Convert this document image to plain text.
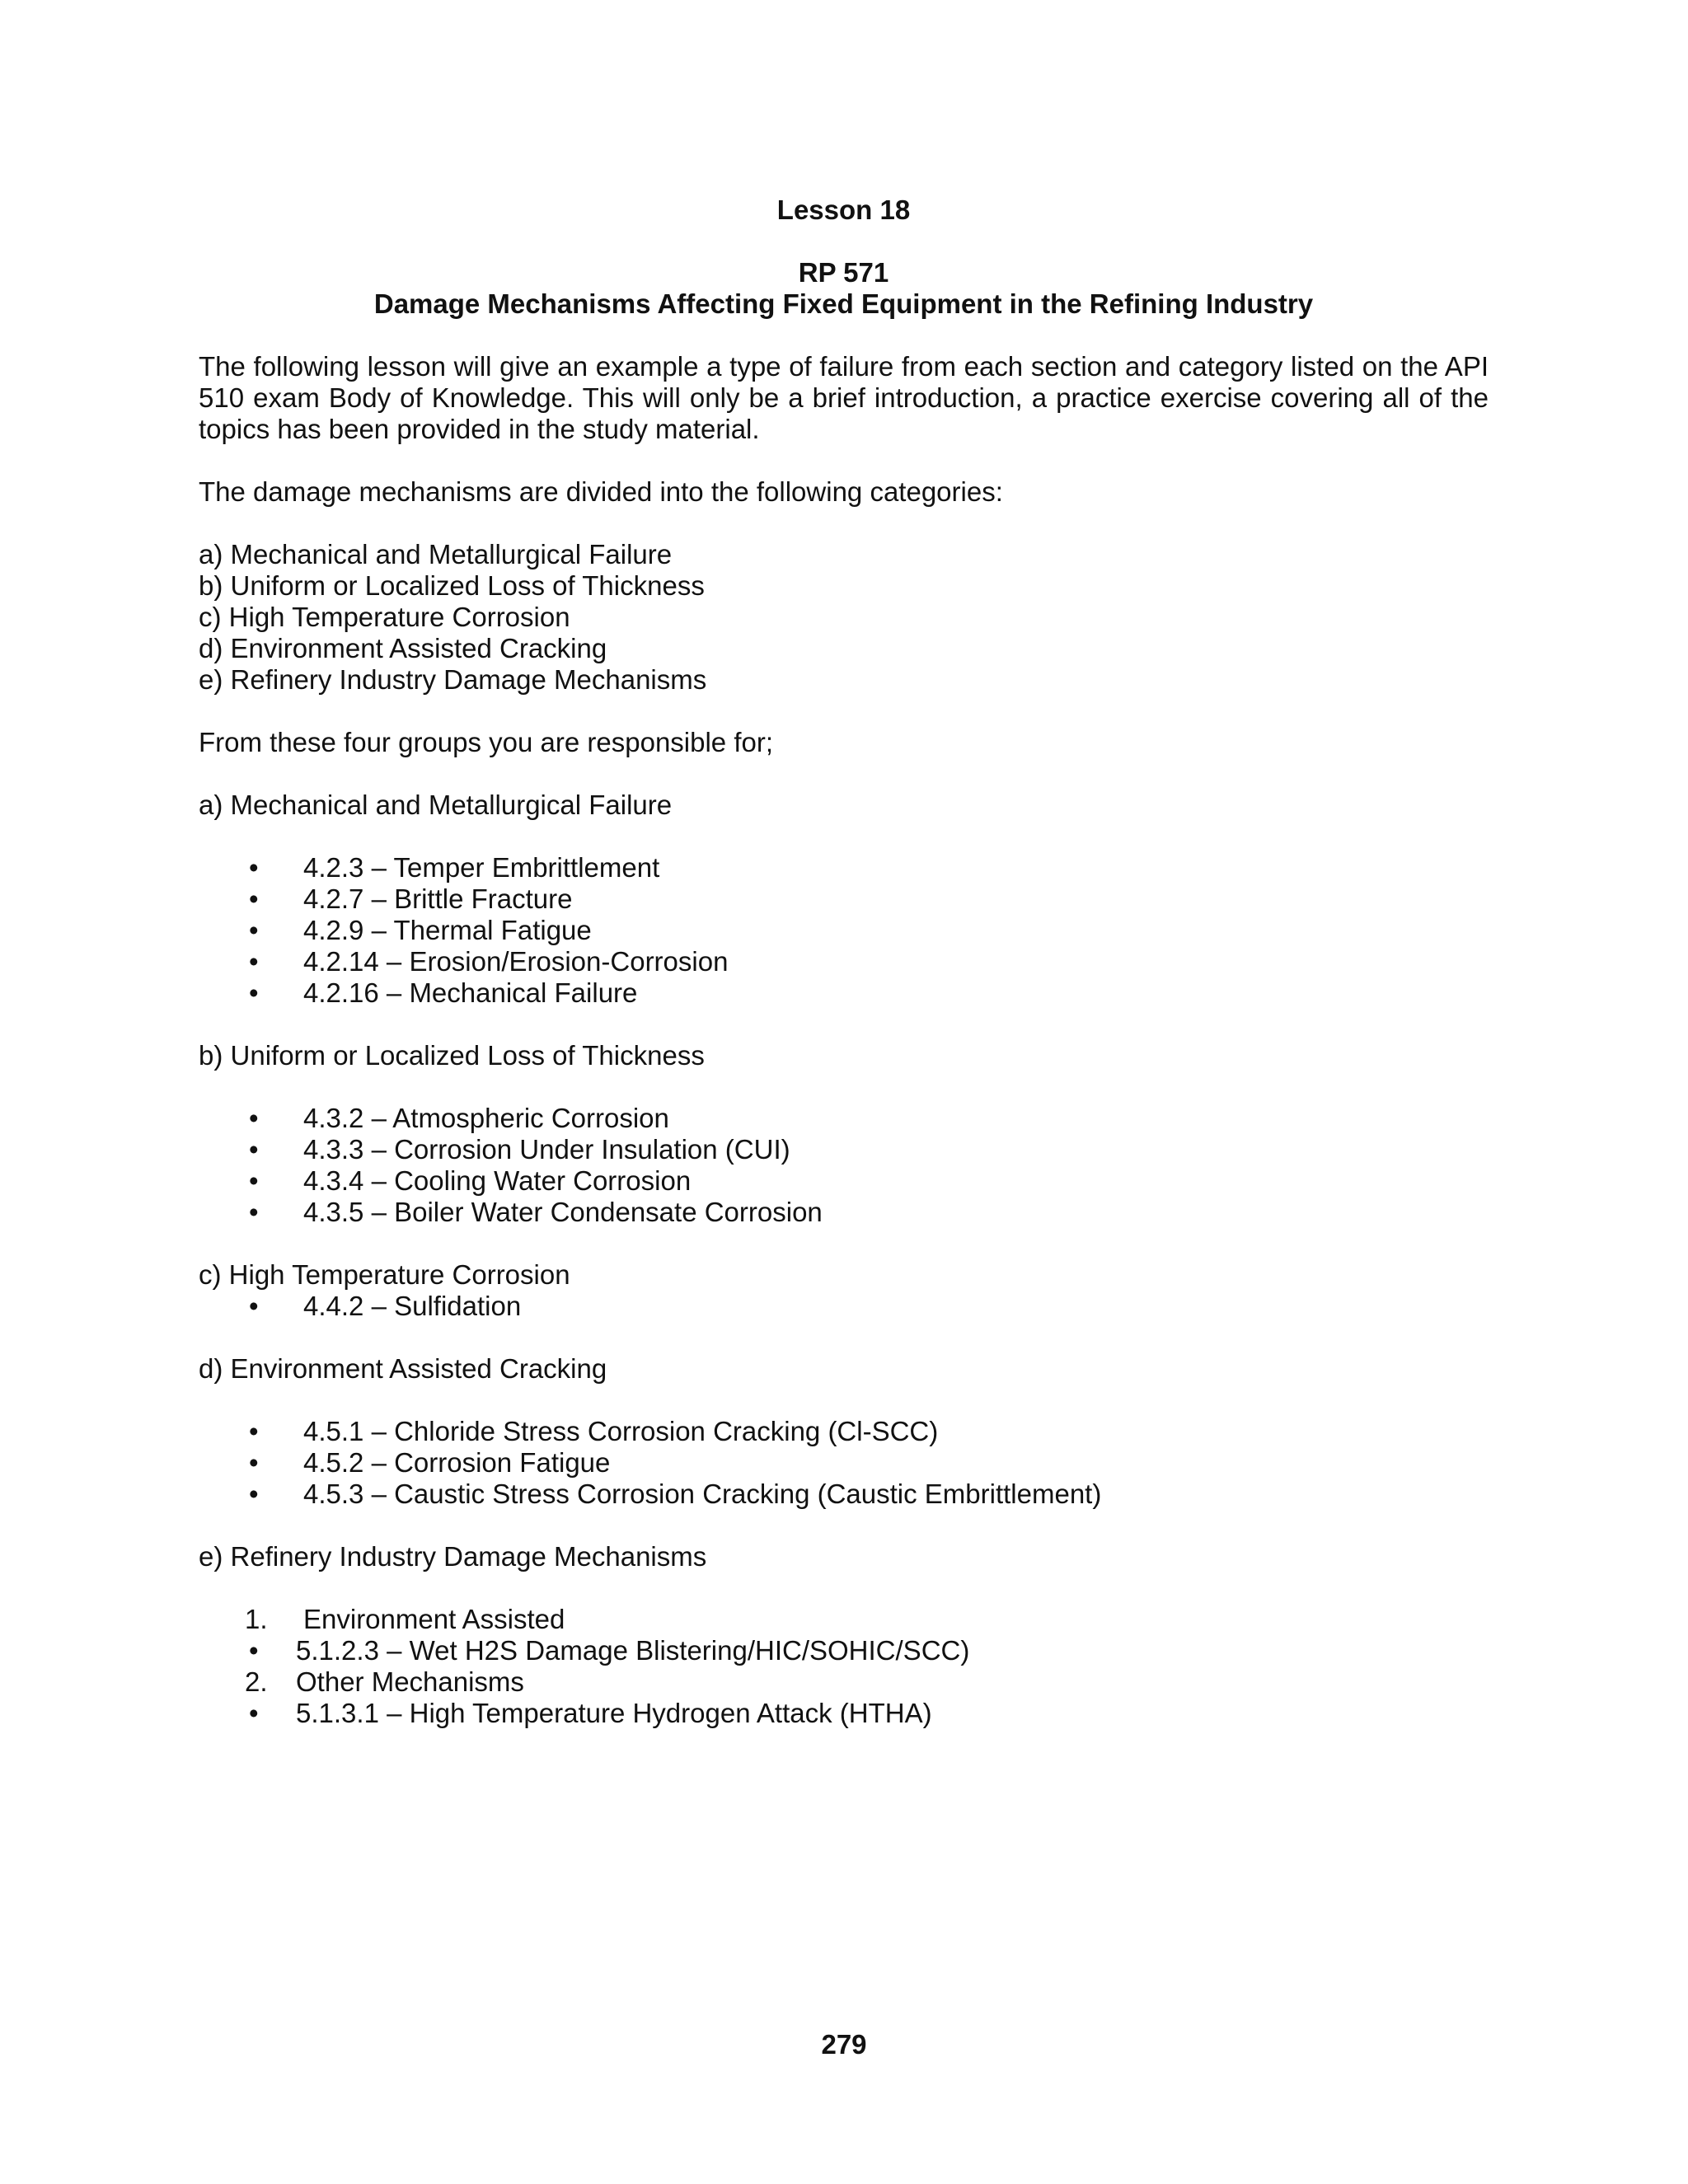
Lesson 18

RP 571

Damage Mechanisms Affecting Fixed Equipment in the Refining Industry

The following lesson will give an example a type of failure from each section and category listed on the API 510 exam Body of Knowledge. This will only be a brief introduction, a practice exercise covering all of the topics has been provided in the study material.

The damage mechanisms are divided into the following categories:

a) Mechanical and Metallurgical Failure
b) Uniform or Localized Loss of Thickness
c) High Temperature Corrosion
d) Environment Assisted Cracking
e) Refinery Industry Damage Mechanisms

From these four groups you are responsible for;

a) Mechanical and Metallurgical Failure

• 4.2.3 – Temper Embrittlement
• 4.2.7 – Brittle Fracture
• 4.2.9 – Thermal Fatigue
• 4.2.14 – Erosion/Erosion-Corrosion
• 4.2.16 – Mechanical Failure

b) Uniform or Localized Loss of Thickness

• 4.3.2 – Atmospheric Corrosion
• 4.3.3 – Corrosion Under Insulation (CUI)
• 4.3.4 – Cooling Water Corrosion
• 4.3.5 – Boiler Water Condensate Corrosion

c) High Temperature Corrosion

• 4.4.2 – Sulfidation

d) Environment Assisted Cracking

• 4.5.1 – Chloride Stress Corrosion Cracking (Cl-SCC)
• 4.5.2 – Corrosion Fatigue
• 4.5.3 – Caustic Stress Corrosion Cracking (Caustic Embrittlement)

e) Refinery Industry Damage Mechanisms

1. Environment Assisted
• 5.1.2.3 – Wet H2S Damage Blistering/HIC/SOHIC/SCC)
2. Other Mechanisms
• 5.1.3.1 – High Temperature Hydrogen Attack (HTHA)
279
